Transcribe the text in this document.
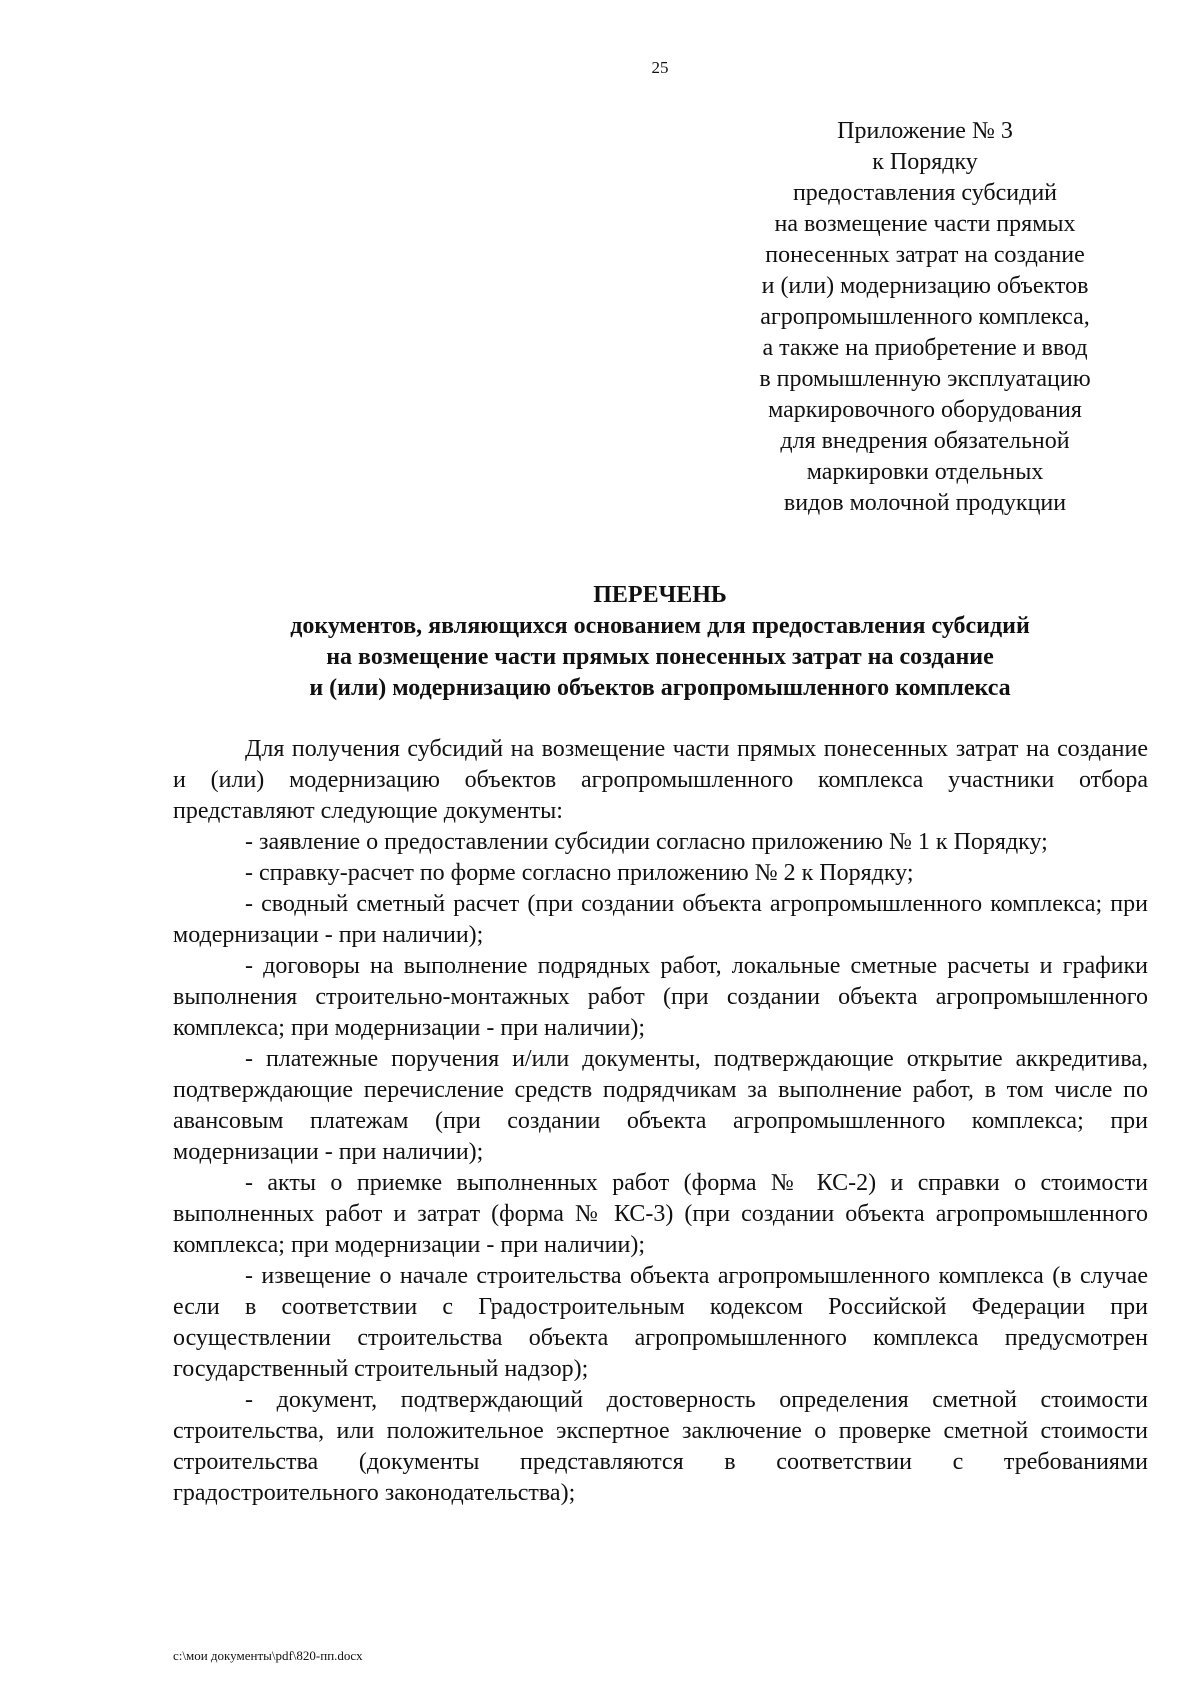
25
Приложение № 3
к Порядку
предоставления субсидий
на возмещение части прямых
понесенных затрат на создание
и (или) модернизацию объектов
агропромышленного комплекса,
а также на приобретение и ввод
в промышленную эксплуатацию
маркировочного оборудования
для внедрения обязательной
маркировки отдельных
видов молочной продукции
ПЕРЕЧЕНЬ
документов, являющихся основанием для предоставления субсидий
на возмещение части прямых понесенных затрат на создание
и (или) модернизацию объектов агропромышленного комплекса

Для получения субсидий на возмещение части прямых понесенных затрат на создание и (или) модернизацию объектов агропромышленного комплекса участники отбора представляют следующие документы:

- заявление о предоставлении субсидии согласно приложению № 1 к Порядку;

- справку-расчет по форме согласно приложению № 2 к Порядку;

- сводный сметный расчет (при создании объекта агропромышленного комплекса; при модернизации - при наличии);

- договоры на выполнение подрядных работ, локальные сметные расчеты и графики выполнения строительно-монтажных работ (при создании объекта агропромышленного комплекса; при модернизации - при наличии);

- платежные поручения и/или документы, подтверждающие открытие аккредитива, подтверждающие перечисление средств подрядчикам за выполнение работ, в том числе по авансовым платежам (при создании объекта агропромышленного комплекса; при модернизации - при наличии);

- акты о приемке выполненных работ (форма № КС-2) и справки о стоимости выполненных работ и затрат (форма № КС-3) (при создании объекта агропромышленного комплекса; при модернизации - при наличии);

- извещение о начале строительства объекта агропромышленного комплекса (в случае если в соответствии с Градостроительным кодексом Российской Федерации при осуществлении строительства объекта агропромышленного комплекса предусмотрен государственный строительный надзор);

- документ, подтверждающий достоверность определения сметной стоимости строительства, или положительное экспертное заключение о проверке сметной стоимости строительства (документы представляются в соответствии с требованиями градостроительного законодательства);

c:\мои документы\pdf\820-пп.docx
